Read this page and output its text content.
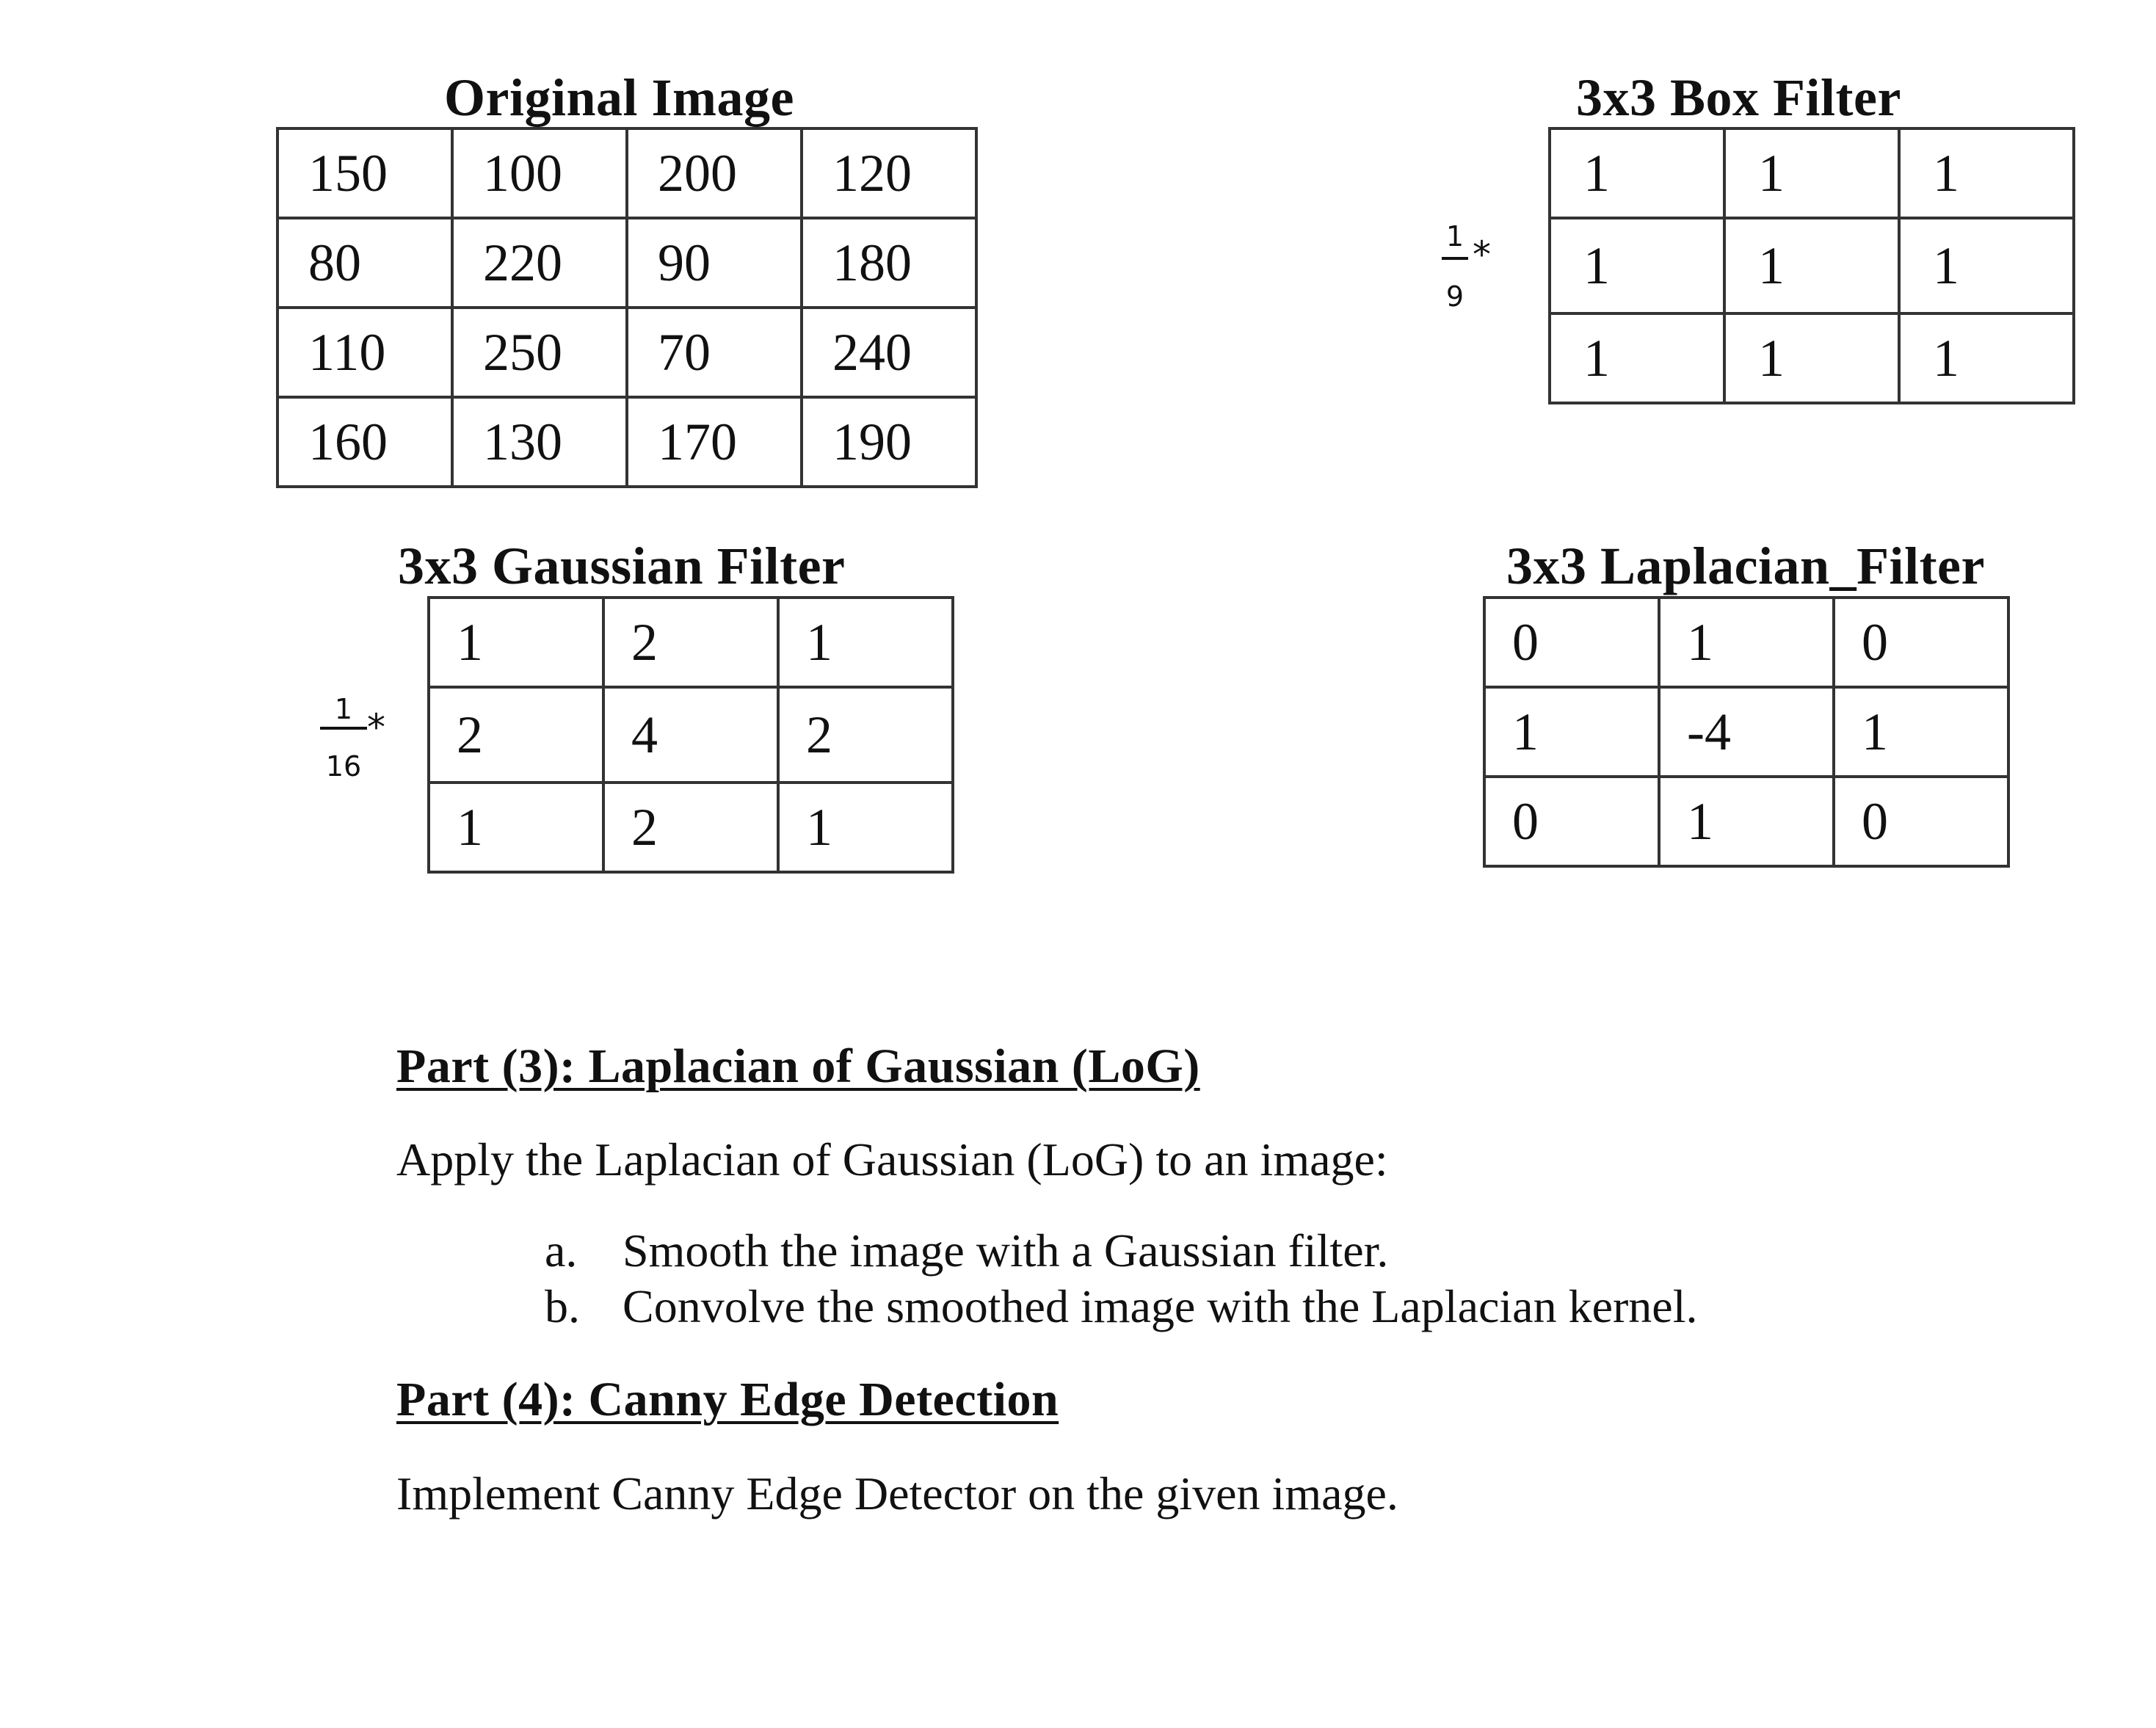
Original Image
150	100	200	120
80	220	90	180
110	250	70	240
160	130	170	190
3x3 Box Filter
1
9
*
1	1	1
1	1	1
1	1	1
3x3 Gaussian Filter
1
16
*
1	2	1
2	4	2
1	2	1
3x3 Laplacian_Filter
0	1	0
1	-4	1
0	1	0
Part (3): Laplacian of Gaussian (LoG)
Apply the Laplacian of Gaussian (LoG) to an image:
a. Smooth the image with a Gaussian filter.
b. Convolve the smoothed image with the Laplacian kernel.
Part (4): Canny Edge Detection
Implement Canny Edge Detector on the given image.
